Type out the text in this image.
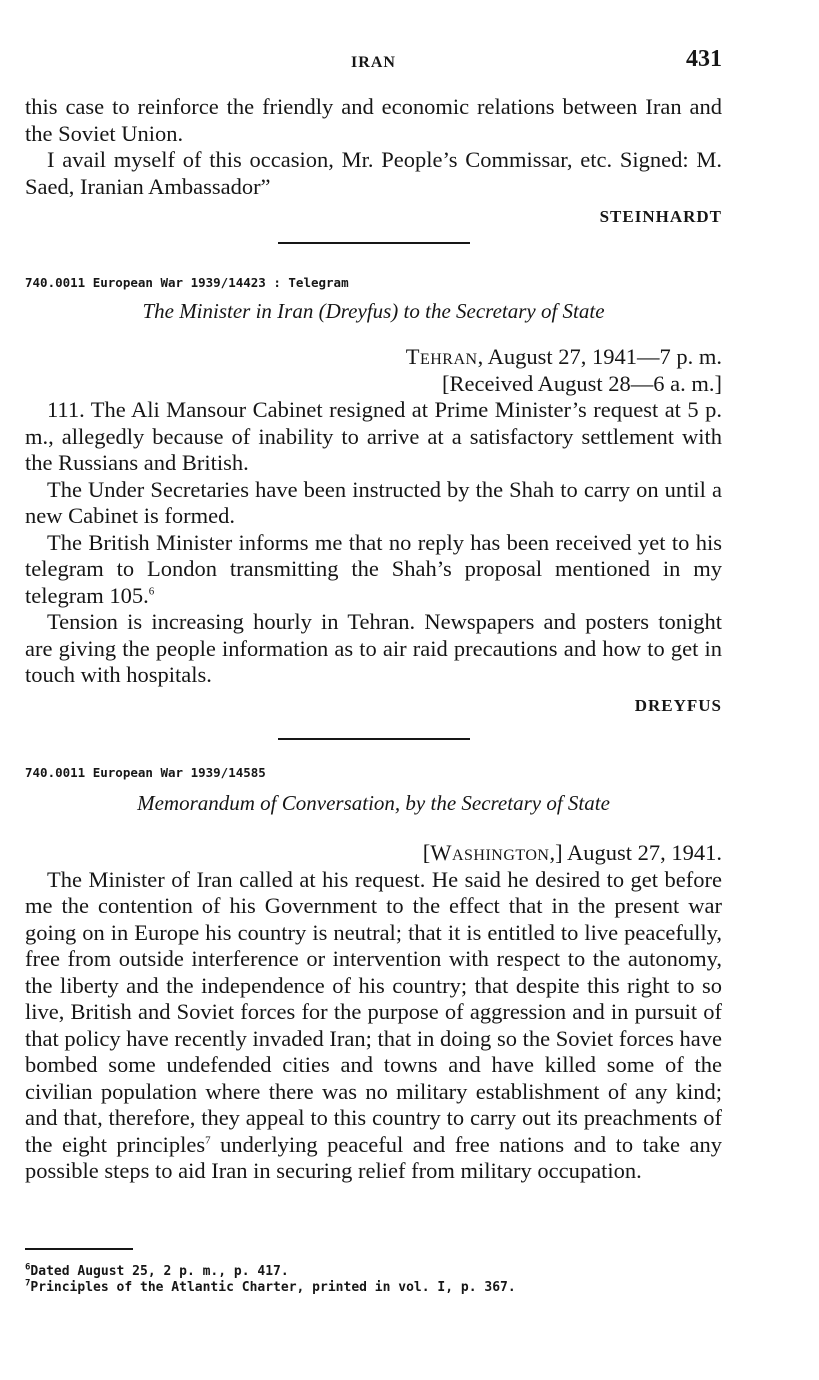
IRAN	431

this case to reinforce the friendly and economic relations between Iran and the Soviet Union.

I avail myself of this occasion, Mr. People’s Commissar, etc. Signed: M. Saed, Iranian Ambassador”

STEINHARDT

740.0011 European War 1939/14423 : Telegram

The Minister in Iran (Dreyfus) to the Secretary of State

Tehran, August 27, 1941—7 p. m.

[Received August 28—6 a. m.]

111. The Ali Mansour Cabinet resigned at Prime Minister’s request at 5 p. m., allegedly because of inability to arrive at a satisfactory settlement with the Russians and British.

The Under Secretaries have been instructed by the Shah to carry on until a new Cabinet is formed.

The British Minister informs me that no reply has been received yet to his telegram to London transmitting the Shah’s proposal mentioned in my telegram 105.$^6$

Tension is increasing hourly in Tehran. Newspapers and posters tonight are giving the people information as to air raid precautions and how to get in touch with hospitals.

DREYFUS

740.0011 European War 1939/14585

Memorandum of Conversation, by the Secretary of State

[Washington,] August 27, 1941.

The Minister of Iran called at his request. He said he desired to get before me the contention of his Government to the effect that in the present war going on in Europe his country is neutral; that it is entitled to live peacefully, free from outside interference or intervention with respect to the autonomy, the liberty and the independence of his country; that despite this right to so live, British and Soviet forces for the purpose of aggression and in pursuit of that policy have recently invaded Iran; that in doing so the Soviet forces have bombed some undefended cities and towns and have killed some of the civilian population where there was no military establishment of any kind; and that, therefore, they appeal to this country to carry out its preachments of the eight principles$^7$ underlying peaceful and free nations and to take any possible steps to aid Iran in securing relief from military occupation.

$^6$Dated August 25, 2 p. m., p. 417.
$^7$Principles of the Atlantic Charter, printed in vol. I, p. 367.
